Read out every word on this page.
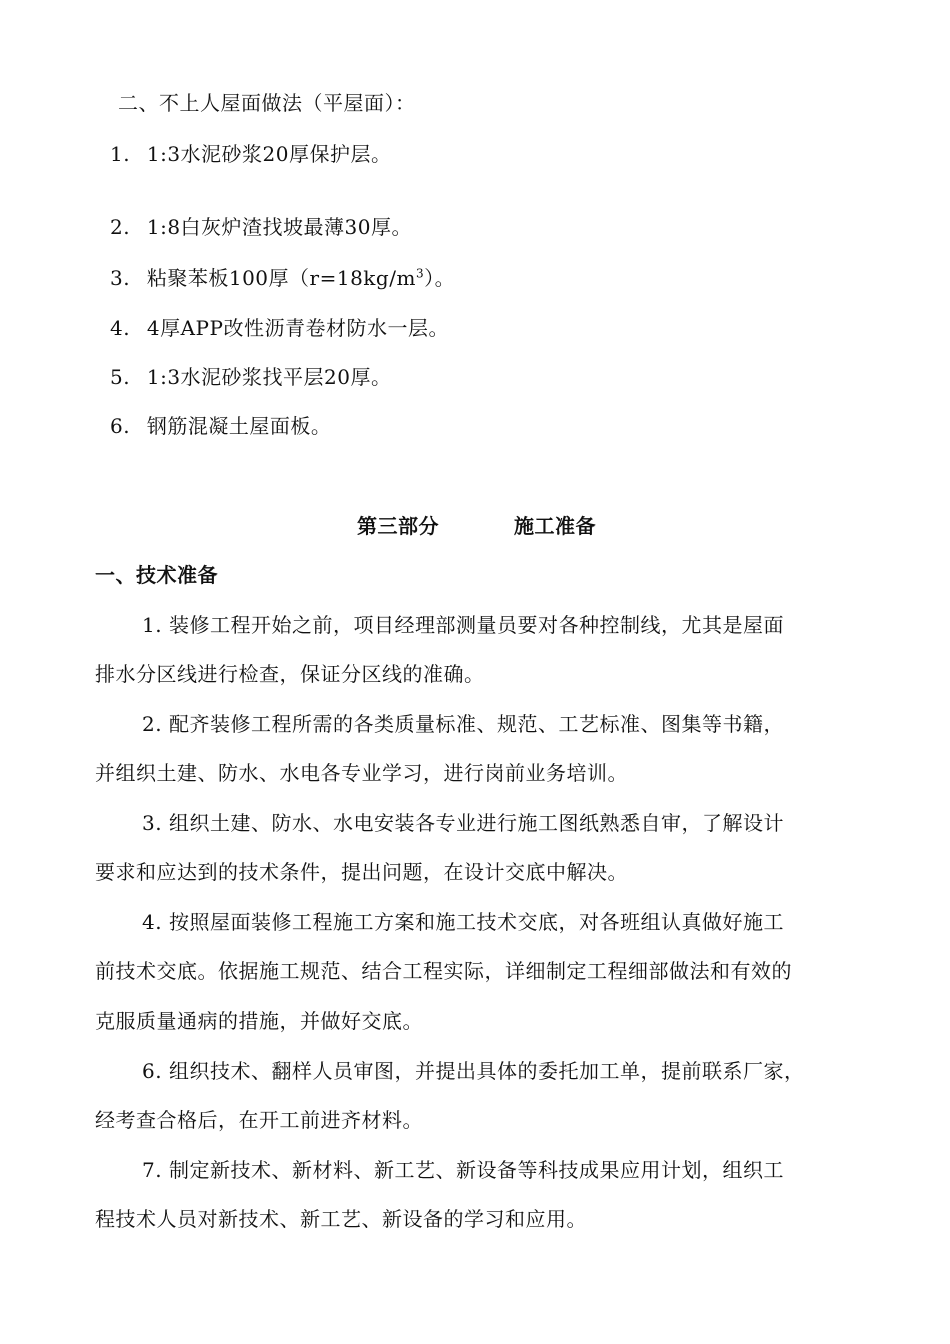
二、不上人屋面做法（平屋面）：
1. 1:3水泥砂浆20厚保护层。
2. 1:8白灰炉渣找坡最薄30厚。
3. 粘聚苯板100厚$(r=18kg/m^3)$。
4. 4厚APP改性沥青卷材防水一层。
5. 1:3水泥砂浆找平层20厚。
6. 钢筋混凝土屋面板。
第三部分	施工准备
一、技术准备
1. 装修工程开始之前，项目经理部测量员要对各种控制线，尤其是屋面
排水分区线进行检查，保证分区线的准确。
2. 配齐装修工程所需的各类质量标准、规范、工艺标准、图集等书籍，
并组织土建、防水、水电各专业学习，进行岗前业务培训。
3. 组织土建、防水、水电安装各专业进行施工图纸熟悉自审，了解设计
要求和应达到的技术条件，提出问题，在设计交底中解决。
4. 按照屋面装修工程施工方案和施工技术交底，对各班组认真做好施工
前技术交底。依据施工规范、结合工程实际，详细制定工程细部做法和有效的
克服质量通病的措施，并做好交底。
6. 组织技术、翻样人员审图，并提出具体的委托加工单，提前联系厂家，
经考查合格后，在开工前进齐材料。
7. 制定新技术、新材料、新工艺、新设备等科技成果应用计划，组织工
程技术人员对新技术、新工艺、新设备的学习和应用。
